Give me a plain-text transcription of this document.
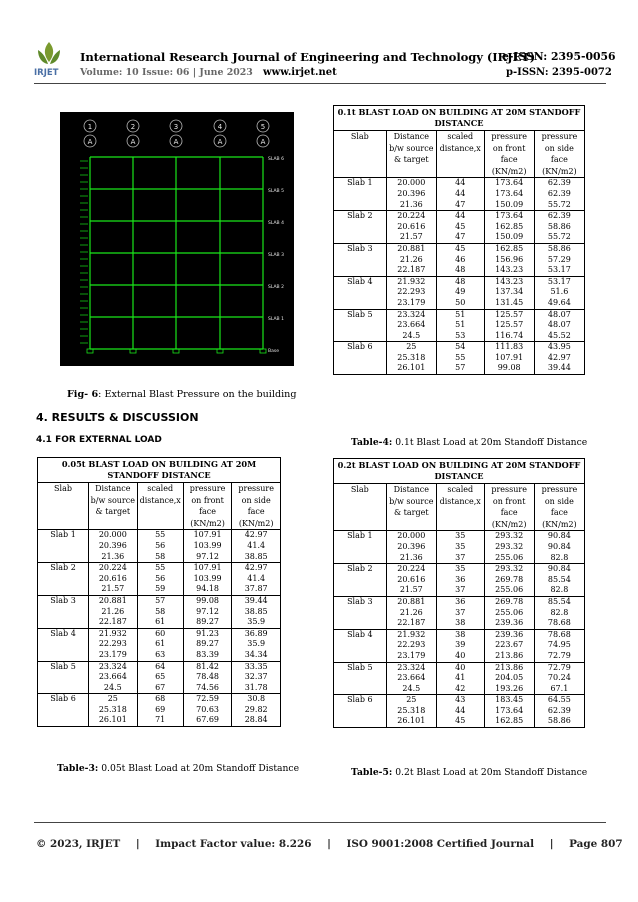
IRJET
International Research Journal of Engineering and Technology (IRJET)
e-ISSN: 2395-0056
Volume: 10 Issue: 06 | June 2023 www.irjet.net	p-ISSN: 2395-0072
1
A
2
A
3
A
4
A
5
A
SLAB 6
SLAB 5
SLAB 4
SLAB 3
SLAB 2
SLAB 1
Base
Fig- 6: External Blast Pressure on the building
4. RESULTS & DISCUSSION
4.1 FOR EXTERNAL LOAD
0.05t BLAST LOAD ON BUILDING AT 20M STANDOFF DISTANCE				
Slab	Distance b/w source & target	scaled distance,x	pressure on front face (KN/m2)	pressure on side face (KN/m2)
Slab 1	20.000	55	107.91	42.97
	20.396	56	103.99	41.4
	21.36	58	97.12	38.85
Slab 2	20.224	55	107.91	42.97
	20.616	56	103.99	41.4
	21.57	59	94.18	37.87
Slab 3	20.881	57	99.08	39.44
	21.26	58	97.12	38.85
	22.187	61	89.27	35.9
Slab 4	21.932	60	91.23	36.89
	22.293	61	89.27	35.9
	23.179	63	83.39	34.34
Slab 5	23.324	64	81.42	33.35
	23.664	65	78.48	32.37
	24.5	67	74.56	31.78
Slab 6	25	68	72.59	30.8
	25.318	69	70.63	29.82
	26.101	71	67.69	28.84
Table-3: 0.05t Blast Load at 20m Standoff Distance
0.1t BLAST LOAD ON BUILDING AT 20M STANDOFF DISTANCE				
Slab	Distance b/w source & target	scaled distance,x	pressure on front face (KN/m2)	pressure on side face (KN/m2)
Slab 1	20.000	44	173.64	62.39
	20.396	44	173.64	62.39
	21.36	47	150.09	55.72
Slab 2	20.224	44	173.64	62.39
	20.616	45	162.85	58.86
	21.57	47	150.09	55.72
Slab 3	20.881	45	162.85	58.86
	21.26	46	156.96	57.29
	22.187	48	143.23	53.17
Slab 4	21.932	48	143.23	53.17
	22.293	49	137.34	51.6
	23.179	50	131.45	49.64
Slab 5	23.324	51	125.57	48.07
	23.664	51	125.57	48.07
	24.5	53	116.74	45.52
Slab 6	25	54	111.83	43.95
	25.318	55	107.91	42.97
	26.101	57	99.08	39.44
Table-4: 0.1t Blast Load at 20m Standoff Distance
0.2t BLAST LOAD ON BUILDING AT 20M STANDOFF DISTANCE				
Slab	Distance b/w source & target	scaled distance,x	pressure on front face (KN/m2)	pressure on side face (KN/m2)
Slab 1	20.000	35	293.32	90.84
	20.396	35	293.32	90.84
	21.36	37	255.06	82.8
Slab 2	20.224	35	293.32	90.84
	20.616	36	269.78	85.54
	21.57	37	255.06	82.8
Slab 3	20.881	36	269.78	85.54
	21.26	37	255.06	82.8
	22.187	38	239.36	78.68
Slab 4	21.932	38	239.36	78.68
	22.293	39	223.67	74.95
	23.179	40	213.86	72.79
Slab 5	23.324	40	213.86	72.79
	23.664	41	204.05	70.24
	24.5	42	193.26	67.1
Slab 6	25	43	183.45	64.55
	25.318	44	173.64	62.39
	26.101	45	162.85	58.86
Table-5: 0.2t Blast Load at 20m Standoff Distance
© 2023, IRJET | Impact Factor value: 8.226 | ISO 9001:2008 Certified Journal | Page 807
